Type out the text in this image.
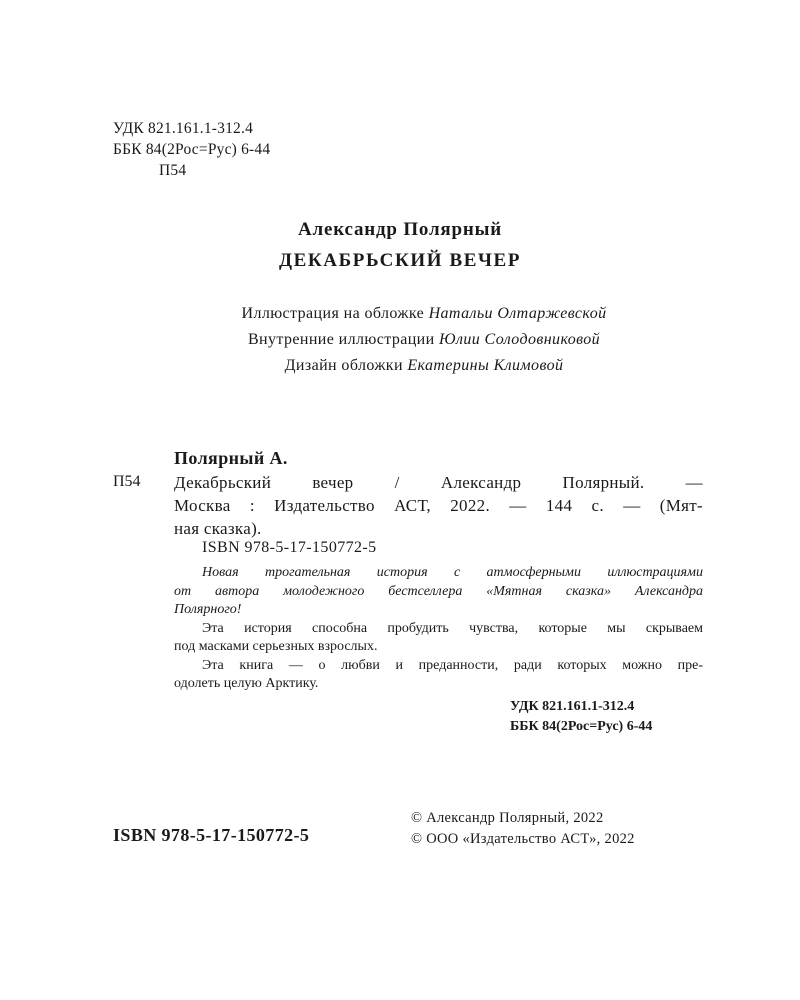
УДК 821.161.1-312.4
ББК 84(2Рос=Рус) 6-44
П54
Александр Полярный
ДЕКАБРЬСКИЙ ВЕЧЕР
Иллюстрация на обложке Натальи Олтаржевской
Внутренние иллюстрации Юлии Солодовниковой
Дизайн обложки Екатерины Климовой
Полярный А.
П54 Декабрьский вечер / Александр Полярный. —
Москва : Издательство АСТ, 2022. — 144 с. — (Мят-
ная сказка).
ISBN 978-5-17-150772-5
Новая трогательная история с атмосферными иллюстрациями
от автора молодежного бестселлера «Мятная сказка» Александра
Полярного!
Эта история способна пробудить чувства, которые мы скрываем
под масками серьезных взрослых.
Эта книга — о любви и преданности, ради которых можно пре-
одолеть целую Арктику.
УДК 821.161.1-312.4
ББК 84(2Рос=Рус) 6-44
ISBN 978-5-17-150772-5
© Александр Полярный, 2022
© ООО «Издательство АСТ», 2022
